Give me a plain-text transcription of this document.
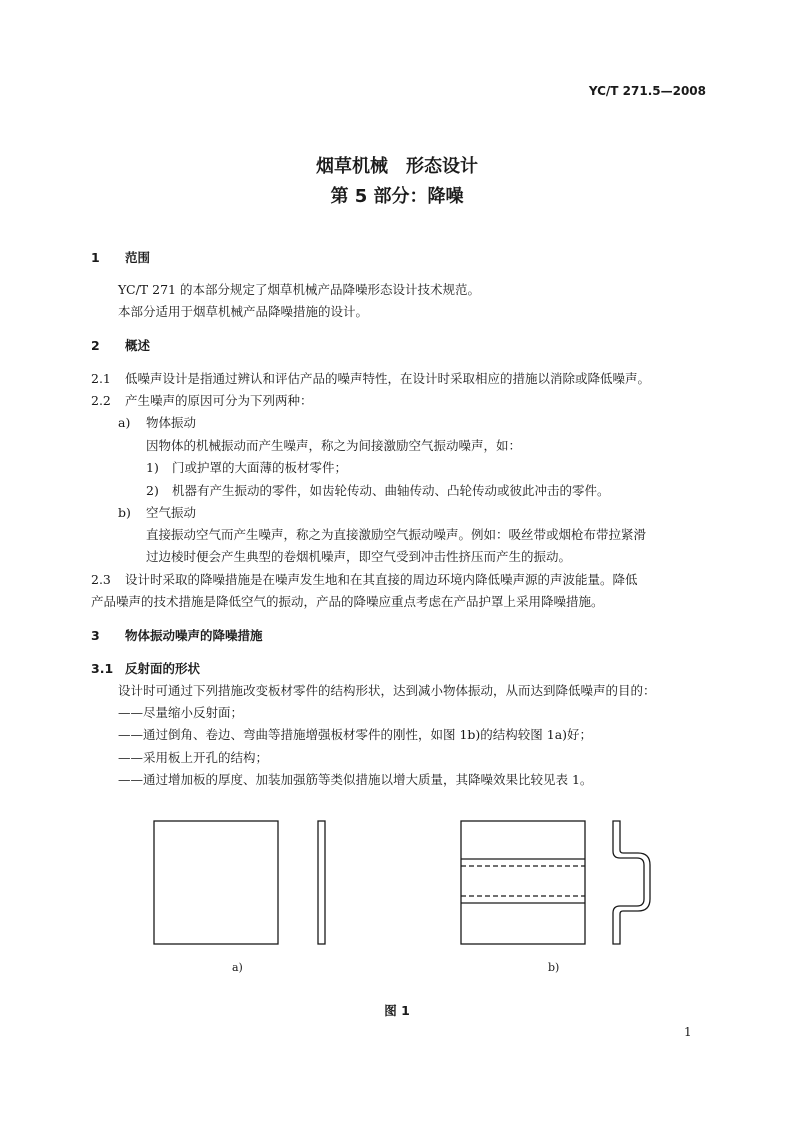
YC/T 271.5—2008
烟草机械　形态设计
第 5 部分：降噪
1 范围
YC/T 271 的本部分规定了烟草机械产品降噪形态设计技术规范。
本部分适用于烟草机械产品降噪措施的设计。
2 概述
2.1 低噪声设计是指通过辨认和评估产品的噪声特性，在设计时采取相应的措施以消除或降低噪声。
2.2 产生噪声的原因可分为下列两种：
a) 物体振动
因物体的机械振动而产生噪声，称之为间接激励空气振动噪声，如：
1) 门或护罩的大面薄的板材零件；
2) 机器有产生振动的零件，如齿轮传动、曲轴传动、凸轮传动或彼此冲击的零件。
b) 空气振动
直接振动空气而产生噪声，称之为直接激励空气振动噪声。例如：吸丝带或烟枪布带拉紧滑
过边棱时便会产生典型的卷烟机噪声，即空气受到冲击性挤压而产生的振动。
2.3 设计时采取的降噪措施是在噪声发生地和在其直接的周边环境内降低噪声源的声波能量。降低
产品噪声的技术措施是降低空气的振动，产品的降噪应重点考虑在产品护罩上采用降噪措施。
3 物体振动噪声的降噪措施
3.1 反射面的形状
设计时可通过下列措施改变板材零件的结构形状，达到减小物体振动，从而达到降低噪声的目的：
——尽量缩小反射面；
——通过倒角、卷边、弯曲等措施增强板材零件的刚性，如图 1b)的结构较图 1a)好；
——采用板上开孔的结构；
——通过增加板的厚度、加装加强筋等类似措施以增大质量，其降噪效果比较见表 1。
a)	b)
图 1
1
